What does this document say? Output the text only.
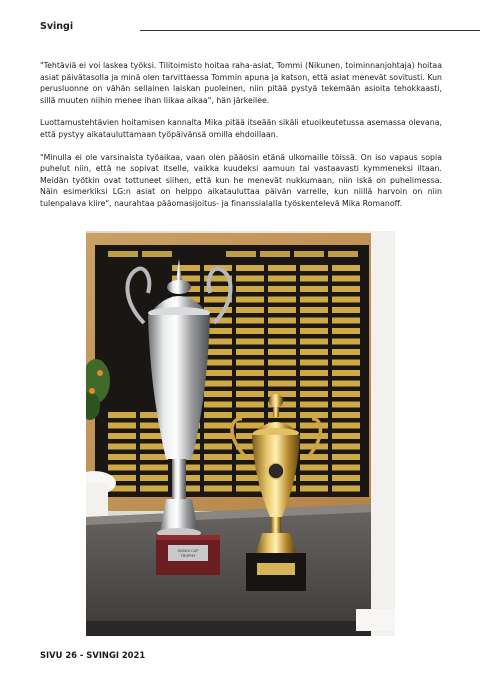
Svingi

"Tehtäviä ei voi laskea työksi. Tilitoimisto hoitaa raha-asiat, Tommi (Nikunen, toiminnanjohtaja) hoitaa asiat päivätasolla ja minä olen tarvittaessa Tommin apuna ja katson, että asiat menevät sovitusti. Kun perusluonne on vähän sellainen laiskan puoleinen, niin pitää pystyä tekemään asioita tehokkaasti, sillä muuten niihin menee ihan liikaa aikaa", hän järkeilee.

Luottamustehtävien hoitamisen kannalta Mika pitää itseään sikäli etuoikeutetussa asemassa olevana, että pystyy aikatauluttamaan työpäivänsä omilla ehdoillaan.

"Minulla ei ole varsinaista työaikaa, vaan olen pääosin etänä ulkomaille töissä. On iso vapaus sopia puhelut niin, että ne sopivat itselle, vaikka kuudeksi aamuun tai vastaavasti kymmeneksi iltaan. Meidän työtkin ovat tottuneet siihen, että kun he menevät nukkumaan, niin iskä on puhelimessa. Näin esimerkiksi LG:n asiat on helppo aikatauluttaa päivän varrelle, kun niillä harvoin on niin tulenpalava kiire", naurahtaa pääomasijoitus- ja finanssialalla työskentelevä Mika Romanoff.

SVINGI CUP
TROPHY
SIVU 26 - SVINGI 2021
